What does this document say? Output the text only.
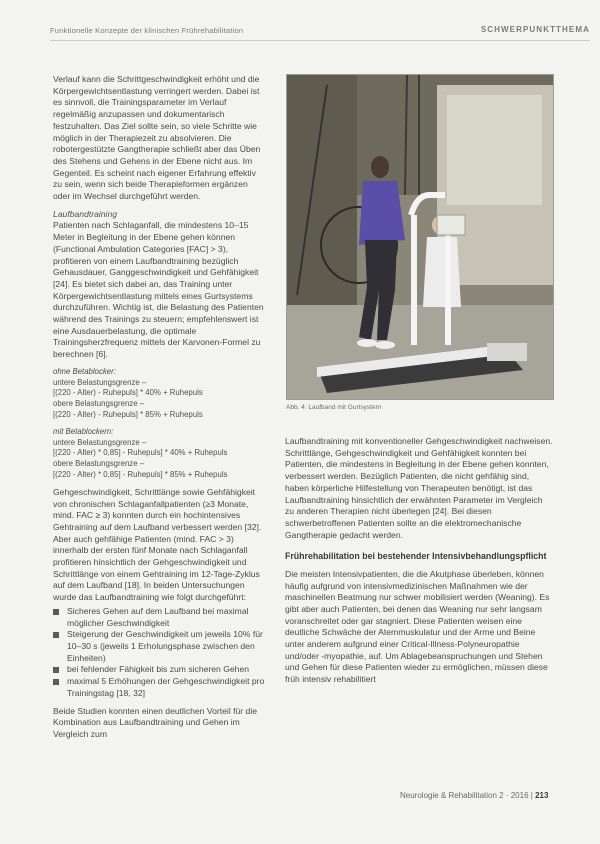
Funktionelle Konzepte der klinischen Frührehabilitation	SCHWERPUNKTTHEMA

Verlauf kann die Schrittgeschwindigkeit erhöht und die Körpergewichtsentlastung verringert werden. Dabei ist es sinnvoll, die Trainingsparameter im Verlauf regelmäßig anzupassen und dokumentarisch festzuhalten. Das Ziel sollte sein, so viele Schritte wie möglich in der Therapiezeit zu absolvieren. Die robotergestützte Gangtherapie schließt aber das Üben des Stehens und Gehens in der Ebene nicht aus. Im Gegenteil. Es scheint nach eigener Erfahrung effektiv zu sein, wenn sich beide Therapieformen ergänzen oder im Wechsel durchgeführt werden.

Laufbandtraining

Patienten nach Schlaganfall, die mindestens 10–15 Meter in Begleitung in der Ebene gehen können (Functional Ambulation Categories [FAC] > 3), profitieren von einem Laufbandtraining bezüglich Gehausdauer, Ganggeschwindigkeit und Gehfähigkeit [24]. Es bietet sich dabei an, das Training unter Körpergewichtsentlastung mittels eines Gurtsystems durchzuführen. Wichtig ist, die Belastung des Patienten während des Trainings zu steuern; empfehlenswert ist eine Ausdauerbelastung, die optimale Trainingsherzfrequenz mittels der Karvonen-Formel zu berechnen [6].

ohne Betablocker:

untere Belastungsgrenze –

[(220 - Alter) - Ruhepuls] * 40% + Ruhepuls

obere Belastungsgrenze –

[(220 - Alter) - Ruhepuls] * 85% + Ruhepuls

mit Betablockern:

untere Belastungsgrenze –

[(220 - Alter) * 0,85] - Ruhepuls] * 40% + Ruhepuls

obere Belastungsgrenze –

[(220 - Alter) * 0,85] - Ruhepuls] * 85% + Ruhepuls

Gehgeschwindigkeit, Schrittlänge sowie Gehfähigkeit von chronischen Schlaganfallpatienten (≥3 Monate, mind. FAC ≥ 3) konnten durch ein hochintensives Gehtraining auf dem Laufband verbessert werden [32]. Aber auch gehfähige Patienten (mind. FAC > 3) innerhalb der ersten fünf Monate nach Schlaganfall profitieren hinsichtlich der Gehgeschwindigkeit und Schrittlänge von einem Gehtraining im 12-Tage-Zyklus auf dem Laufband [18]. In beiden Untersuchungen wurde das Laufbandtraining wie folgt durchgeführt:

Sicheres Gehen auf dem Laufband bei maximal möglicher Geschwindigkeit
Steigerung der Geschwindigkeit um jeweils 10% für 10–30 s (jeweils 1 Erholungsphase zwischen den Einheiten)
bei fehlender Fähigkeit bis zum sicheren Gehen
maximal 5 Erhöhungen der Gehgeschwindigkeit pro Trainingstag [18, 32]

Beide Studien konnten einen deutlichen Vorteil für die Kombination aus Laufbandtraining und Gehen im Vergleich zum

Abb. 4: Laufband mit Gurtsystem

Laufbandtraining mit konventioneller Gehgeschwindigkeit nachweisen. Schrittlänge, Gehgeschwindigkeit und Gehfähigkeit konnten bei Patienten, die mindestens in Begleitung in der Ebene gehen konnten, verbessert werden. Bezüglich Patienten, die nicht gehfähig sind, haben körperliche Hilfestellung von Therapeuten benötigt, ist das Laufbandtraining hinsichtlich der erwähnten Parameter im Vergleich zu anderen Therapien nicht überlegen [24]. Bei diesen schwerbetroffenen Patienten sollte an die elektromechanische Gangtherapie gedacht werden.

Frührehabilitation bei bestehender Intensivbehandlungspflicht

Die meisten Intensivpatienten, die die Akutphase überleben, können häufig aufgrund von intensivmedizinischen Maßnahmen wie der maschinellen Beatmung nur schwer mobilisiert werden (Weaning). Es gibt aber auch Patienten, bei denen das Weaning nur sehr langsam voranschreitet oder gar stagniert. Diese Patienten weisen eine deutliche Schwäche der Atemmuskulatur und der Arme und Beine unter anderem aufgrund einer Critical-Illness-Polyneuropathie und/oder -myopathie, auf. Um Ablagebeanspruchungen und Stehen und Gehen für diese Patienten wieder zu ermöglichen, müssen diese früh intensiv rehabilitiert

Neurologie & Rehabilitation 2 · 2016 | 213
